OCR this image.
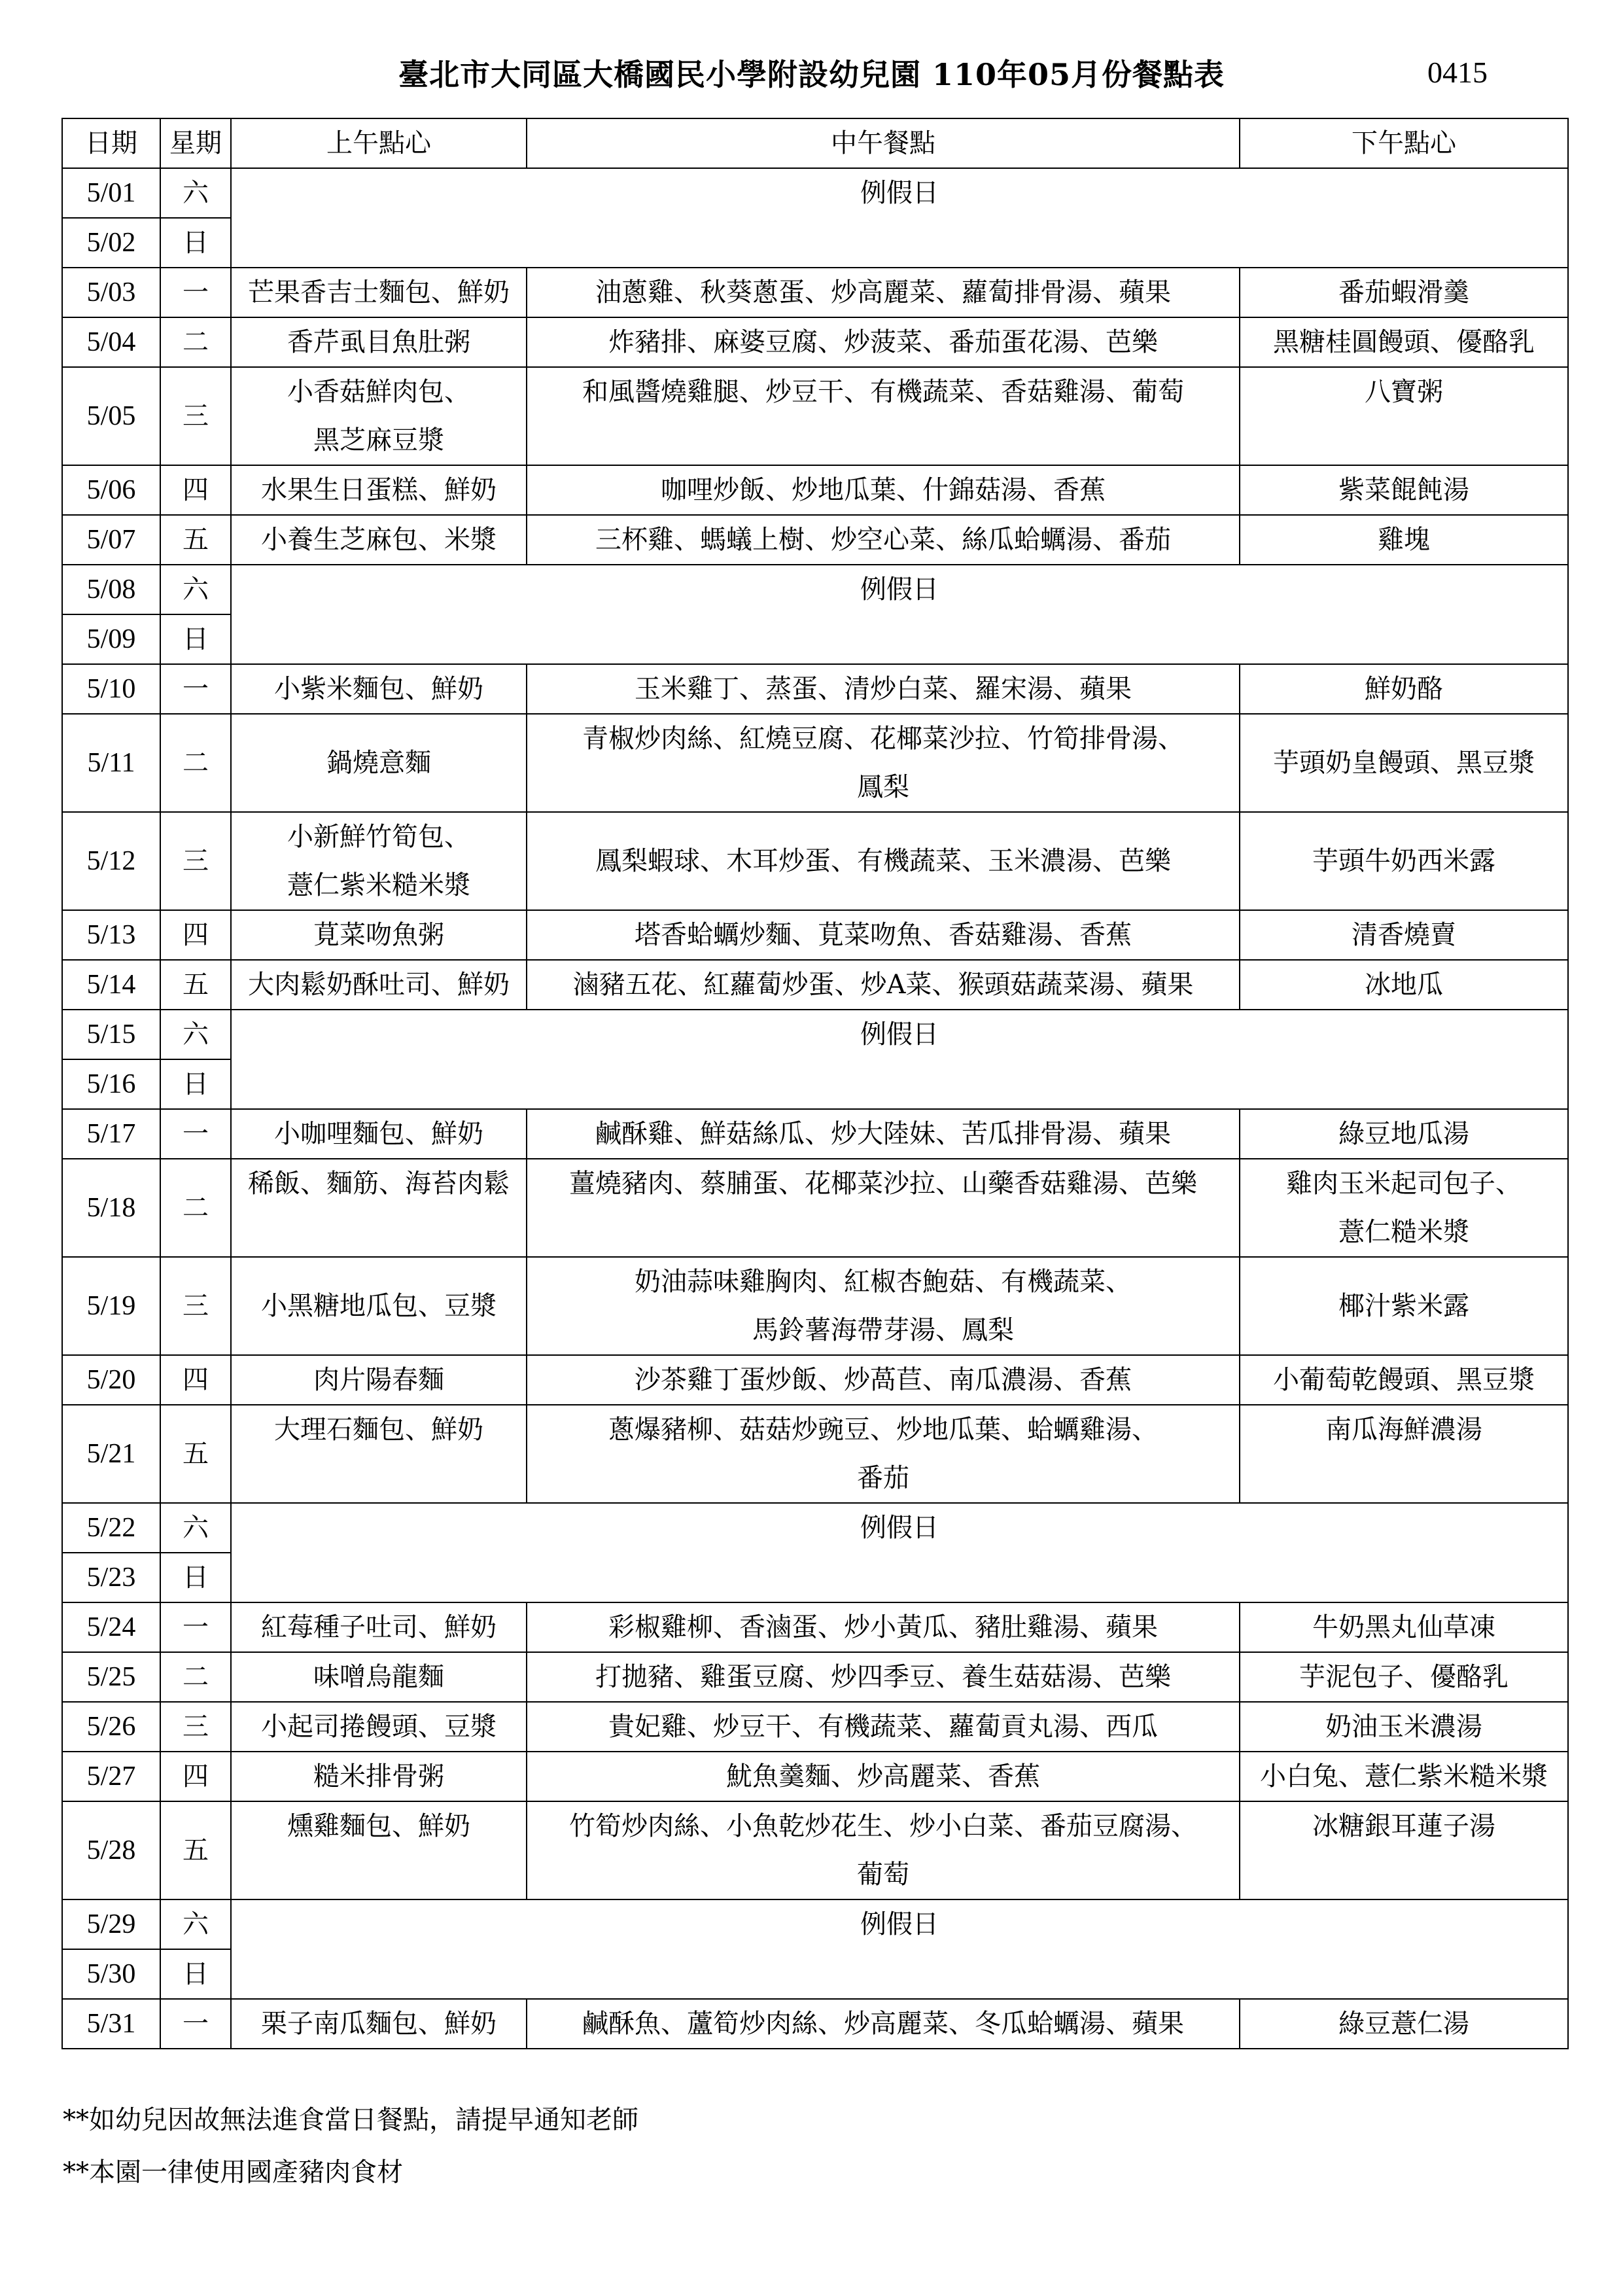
臺北市大同區大橋國民小學附設幼兒園 110年05月份餐點表	0415
日期	星期	上午點心	中午餐點	下午點心
5/01	六	例假日		
5/02	日			
5/03	一	芒果香吉士麵包、鮮奶	油蔥雞、秋葵蔥蛋、炒高麗菜、蘿蔔排骨湯、蘋果	番茄蝦滑羹
5/04	二	香芹虱目魚肚粥	炸豬排、麻婆豆腐、炒菠菜、番茄蛋花湯、芭樂	黑糖桂圓饅頭、優酪乳
5/05	三	小香菇鮮肉包、
黑芝麻豆漿	和風醬燒雞腿、炒豆干、有機蔬菜、香菇雞湯、葡萄	八寶粥
5/06	四	水果生日蛋糕、鮮奶	咖哩炒飯、炒地瓜葉、什錦菇湯、香蕉	紫菜餛飩湯
5/07	五	小養生芝麻包、米漿	三杯雞、螞蟻上樹、炒空心菜、絲瓜蛤蠣湯、番茄	雞塊
5/08	六	例假日		
5/09	日			
5/10	一	小紫米麵包、鮮奶	玉米雞丁、蒸蛋、清炒白菜、羅宋湯、蘋果	鮮奶酪
5/11	二	鍋燒意麵	青椒炒肉絲、紅燒豆腐、花椰菜沙拉、竹筍排骨湯、
鳳梨	芋頭奶皇饅頭、黑豆漿
5/12	三	小新鮮竹筍包、
薏仁紫米糙米漿	鳳梨蝦球、木耳炒蛋、有機蔬菜、玉米濃湯、芭樂	芋頭牛奶西米露
5/13	四	莧菜吻魚粥	塔香蛤蠣炒麵、莧菜吻魚、香菇雞湯、香蕉	清香燒賣
5/14	五	大肉鬆奶酥吐司、鮮奶	滷豬五花、紅蘿蔔炒蛋、炒A菜、猴頭菇蔬菜湯、蘋果	冰地瓜
5/15	六	例假日		
5/16	日			
5/17	一	小咖哩麵包、鮮奶	鹹酥雞、鮮菇絲瓜、炒大陸妹、苦瓜排骨湯、蘋果	綠豆地瓜湯
5/18	二	稀飯、麵筋、海苔肉鬆	薑燒豬肉、蔡脯蛋、花椰菜沙拉、山藥香菇雞湯、芭樂	雞肉玉米起司包子、
薏仁糙米漿
5/19	三	小黑糖地瓜包、豆漿	奶油蒜味雞胸肉、紅椒杏鮑菇、有機蔬菜、
馬鈴薯海帶芽湯、鳳梨	椰汁紫米露
5/20	四	肉片陽春麵	沙茶雞丁蛋炒飯、炒萵苣、南瓜濃湯、香蕉	小葡萄乾饅頭、黑豆漿
5/21	五	大理石麵包、鮮奶	蔥爆豬柳、菇菇炒豌豆、炒地瓜葉、蛤蠣雞湯、
番茄	南瓜海鮮濃湯
5/22	六	例假日		
5/23	日			
5/24	一	紅莓種子吐司、鮮奶	彩椒雞柳、香滷蛋、炒小黃瓜、豬肚雞湯、蘋果	牛奶黑丸仙草凍
5/25	二	味噌烏龍麵	打拋豬、雞蛋豆腐、炒四季豆、養生菇菇湯、芭樂	芋泥包子、優酪乳
5/26	三	小起司捲饅頭、豆漿	貴妃雞、炒豆干、有機蔬菜、蘿蔔貢丸湯、西瓜	奶油玉米濃湯
5/27	四	糙米排骨粥	魷魚羹麵、炒高麗菜、香蕉	小白兔、薏仁紫米糙米漿
5/28	五	燻雞麵包、鮮奶	竹筍炒肉絲、小魚乾炒花生、炒小白菜、番茄豆腐湯、
葡萄	冰糖銀耳蓮子湯
5/29	六	例假日		
5/30	日			
5/31	一	栗子南瓜麵包、鮮奶	鹹酥魚、蘆筍炒肉絲、炒高麗菜、冬瓜蛤蠣湯、蘋果	綠豆薏仁湯
**如幼兒因故無法進食當日餐點，請提早通知老師
**本園一律使用國產豬肉食材
